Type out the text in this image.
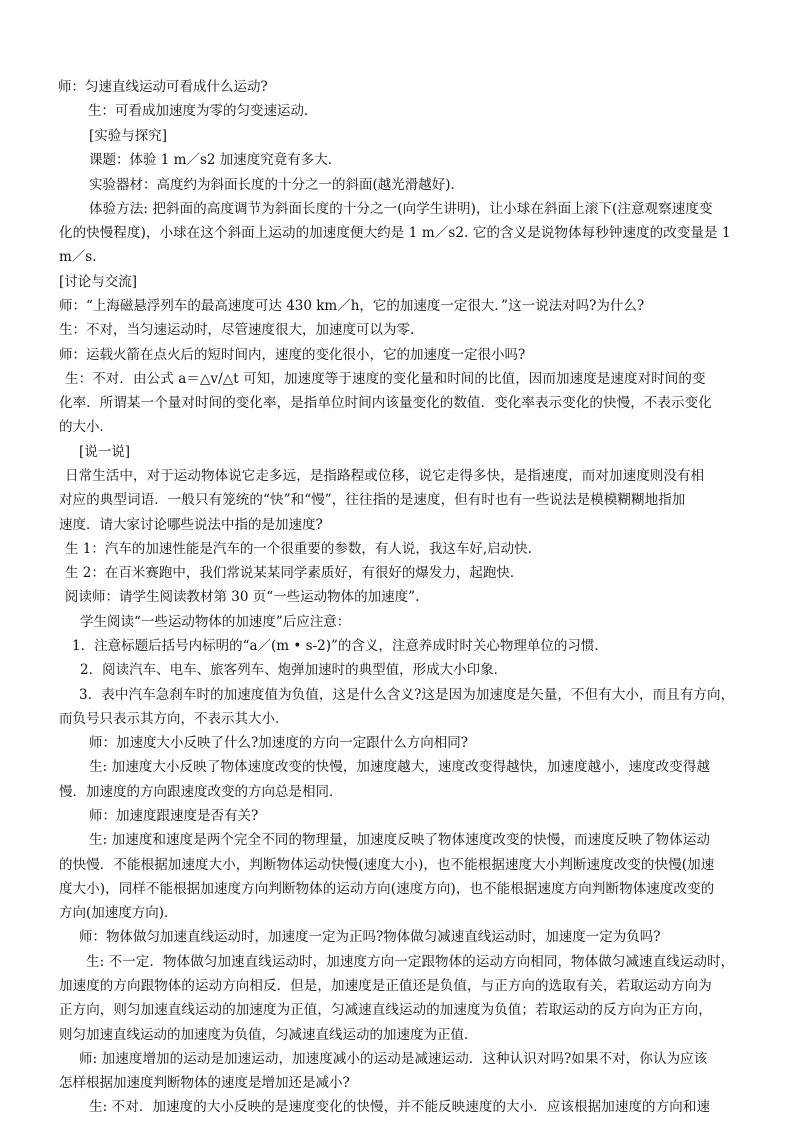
师：匀速直线运动可看成什么运动?
生：可看成加速度为零的匀变速运动．
[实验与探究]
课题：体验 1 m／s2 加速度究竟有多大．
实验器材：高度约为斜面长度的十分之一的斜面(越光滑越好)．
体验方法: 把斜面的高度调节为斜面长度的十分之一(向学生讲明)，让小球在斜面上滚下(注意观察速度变
化的快慢程度)，小球在这个斜面上运动的加速度便大约是 1 m／s2. 它的含义是说物体每秒钟速度的改变量是 1
m／s.
[讨论与交流]
师：“上海磁悬浮列车的最高速度可达 430 km／h，它的加速度一定很大．”这一说法对吗?为什么?
生：不对，当匀速运动时，尽管速度很大，加速度可以为零.
师：运载火箭在点火后的短时间内，速度的变化很小，它的加速度一定很小吗?
生：不对．由公式 a＝△v/△t 可知，加速度等于速度的变化量和时间的比值，因而加速度是速度对时间的变
化率．所谓某一个量对时间的变化率，是指单位时间内该量变化的数值．变化率表示变化的快慢，不表示变化
的大小．
[说一说]
日常生活中，对于运动物体说它走多远，是指路程或位移，说它走得多快，是指速度，而对加速度则没有相
对应的典型词语．一般只有笼统的“快”和“慢”，往往指的是速度，但有时也有一些说法是模模糊糊地指加
速度．请大家讨论哪些说法中指的是加速度?
生 1：汽车的加速性能是汽车的一个很重要的参数，有人说，我这车好,启动快.
生 2：在百米赛跑中，我们常说某某同学素质好，有很好的爆发力，起跑快．
阅读师：请学生阅读教材第 30 页“一些运动物体的加速度”.
学生阅读“一些运动物体的加速度”后应注意：
1．注意标题后括号内标明的“a／(m • s-2)”的含义，注意养成时时关心物理单位的习惯．
2．阅读汽车、电车、旅客列车、炮弹加速时的典型值，形成大小印象．
3．表中汽车急刹车时的加速度值为负值，这是什么含义?这是因为加速度是矢量，不但有大小，而且有方向，
而负号只表示其方向，不表示其大小．
师：加速度大小反映了什么?加速度的方向一定跟什么方向相同?
生: 加速度大小反映了物体速度改变的快慢，加速度越大，速度改变得越快，加速度越小，速度改变得越
慢．加速度的方向跟速度改变的方向总是相同．
师：加速度跟速度是否有关?
生: 加速度和速度是两个完全不同的物理量，加速度反映了物体速度改变的快慢，而速度反映了物体运动
的快慢．不能根据加速度大小，判断物体运动快慢(速度大小)，也不能根据速度大小判断速度改变的快慢(加速
度大小)，同样不能根据加速度方向判断物体的运动方向(速度方向)，也不能根据速度方向判断物体速度改变的
方向(加速度方向)．
师：物体做匀加速直线运动时，加速度一定为正吗?物体做匀减速直线运动时，加速度一定为负吗?
生: 不一定．物体做匀加速直线运动时，加速度方向一定跟物体的运动方向相同，物体做匀减速直线运动时，
加速度的方向跟物体的运动方向相反．但是，加速度是正值还是负值，与正方向的选取有关，若取运动方向为
正方向，则匀加速直线运动的加速度为正值，匀减速直线运动的加速度为负值；若取运动的反方向为正方向，
则匀加速直线运动的加速度为负值，匀减速直线运动的加速度为正值．
师: 加速度增加的运动是加速运动，加速度减小的运动是减速运动．这种认识对吗?如果不对，你认为应该
怎样根据加速度判断物体的速度是增加还是减小?
生: 不对．加速度的大小反映的是速度变化的快慢，并不能反映速度的大小．应该根据加速度的方向和速
